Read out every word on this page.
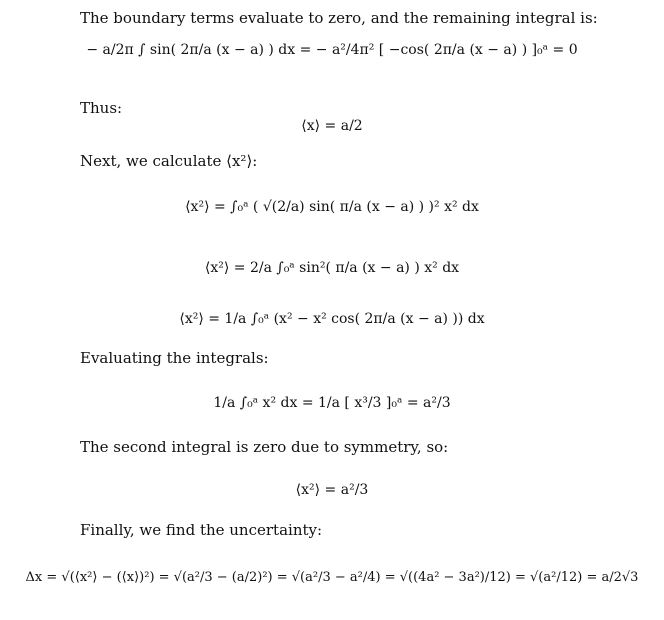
The boundary terms evaluate to zero, and the remaining integral is:
− a/2π ∫ sin( 2π/a (x − a) ) dx = − a²/4π² [ −cos( 2π/a (x − a) ) ]₀ᵃ = 0
Thus:
⟨x⟩ = a/2
Next, we calculate ⟨x²⟩:
⟨x²⟩ = ∫₀ᵃ ( √(2/a) sin( π/a (x − a) ) )² x² dx
⟨x²⟩ = 2/a ∫₀ᵃ sin²( π/a (x − a) ) x² dx
⟨x²⟩ = 1/a ∫₀ᵃ (x² − x² cos( 2π/a (x − a) )) dx
Evaluating the integrals:
1/a ∫₀ᵃ x² dx = 1/a [ x³/3 ]₀ᵃ = a²/3
The second integral is zero due to symmetry, so:
⟨x²⟩ = a²/3
Finally, we find the uncertainty:
Δx = √(⟨x²⟩ − (⟨x⟩)²) = √(a²/3 − (a/2)²) = √(a²/3 − a²/4) = √((4a² − 3a²)/12) = √(a²/12) = a/2√3
